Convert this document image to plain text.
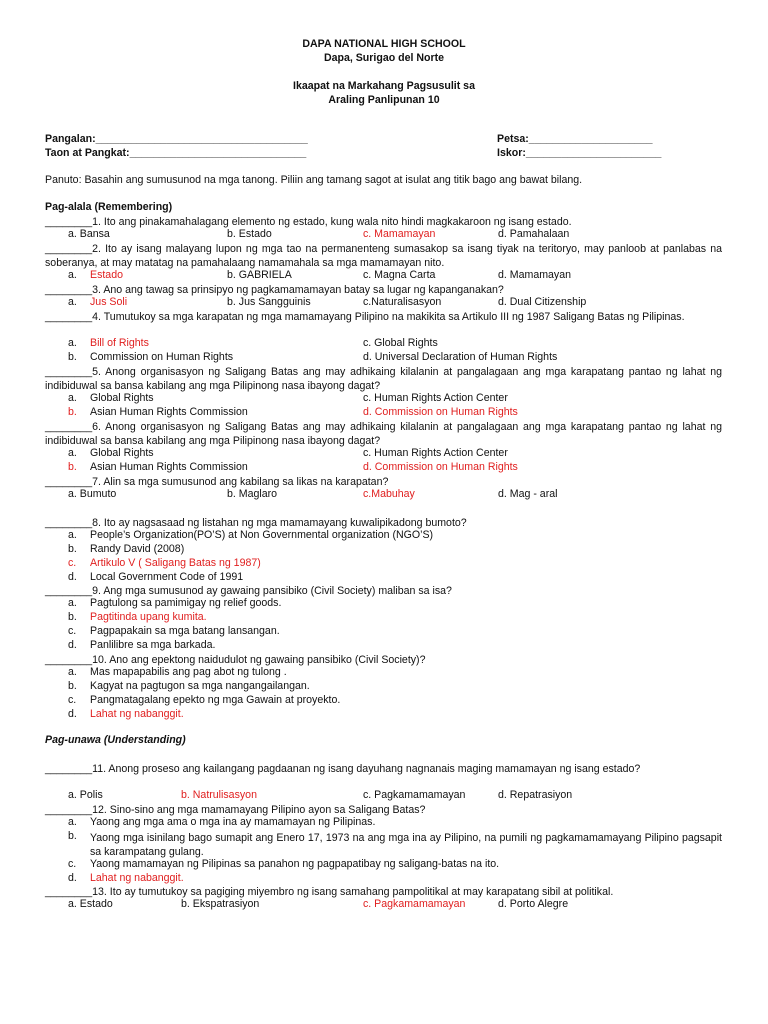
DAPA NATIONAL HIGH SCHOOL
Dapa, Surigao del Norte
Ikaapat na Markahang Pagsusulit sa
Araling Panlipunan 10
Pangalan:____________________________________
Taon at Pangkat:______________________________
Petsa:_____________________
Iskor:_______________________
Panuto: Basahin ang sumusunod na mga tanong. Piliin ang tamang sagot at isulat ang titik bago ang bawat bilang.
Pag-alala (Remembering)
________1. Ito ang pinakamahalagang elemento ng estado, kung wala nito hindi magkakaroon ng isang estado.
a. Bansa	b. Estado	c. Mamamayan	d. Pamahalaan
________2. Ito ay isang malayang lupon ng mga tao na permanenteng sumasakop sa isang tiyak na teritoryo, may panloob at panlabas na soberanya, at may matatag na pamahalaang namamahala sa mga mamamayan nito.
a. Estado	b. GABRIELA	c. Magna Carta	d. Mamamayan
________3. Ano ang tawag sa prinsipyo ng pagkamamamayan batay sa lugar ng kapanganakan?
a. Jus Soli	b. Jus Sangguinis	c.Naturalisasyon	d. Dual Citizenship
________4. Tumutukoy sa mga karapatan ng mga mamamayang Pilipino na makikita sa Artikulo III ng 1987 Saligang Batas ng Pilipinas.
a. Bill of Rights	c. Global Rights
b. Commission on Human Rights	d. Universal Declaration of Human Rights
________5. Anong organisasyon ng Saligang Batas ang may adhikaing kilalanin at pangalagaan ang mga karapatang pantao ng lahat ng indibiduwal sa bansa kabilang ang mga Pilipinong nasa ibayong dagat?
a. Global Rights	c. Human Rights Action Center
b. Asian Human Rights Commission	d. Commission on Human Rights
________6. Anong organisasyon ng Saligang Batas ang may adhikaing kilalanin at pangalagaan ang mga karapatang pantao ng lahat ng indibiduwal sa bansa kabilang ang mga Pilipinong nasa ibayong dagat?
a. Global Rights	c. Human Rights Action Center
b. Asian Human Rights Commission	d. Commission on Human Rights
________7. Alin sa mga sumusunod ang kabilang sa likas na karapatan?
a. Bumuto	b. Maglaro	c.Mabuhay	d. Mag - aral
________8. Ito ay nagsasaad ng listahan ng mga mamamayang kuwalipikadong bumoto?
a. People’s Organization(PO’S) at Non Governmental organization (NGO’S)
b. Randy David (2008)
c. Artikulo V ( Saligang Batas ng 1987)
d. Local Government Code of 1991
________9. Ang mga sumusunod ay gawaing pansibiko (Civil Society) maliban sa isa?
a. Pagtulong sa pamimigay ng relief goods.
b. Pagtitinda upang kumita.
c. Pagpapakain sa mga batang lansangan.
d. Panlilibre sa mga barkada.
________10. Ano ang epektong naidudulot ng gawaing pansibiko (Civil Society)?
a. Mas mapapabilis ang pag abot ng tulong .
b. Kagyat na pagtugon sa mga nangangailangan.
c. Pangmatagalang epekto ng mga Gawain at proyekto.
d. Lahat ng nabanggit.
Pag-unawa (Understanding)
________11. Anong proseso ang kailangang pagdaanan ng isang dayuhang nagnanais maging mamamayan ng isang estado?
a. Polis	b. Natrulisasyon	c. Pagkamamamayan	d. Repatrasiyon
________12. Sino-sino ang mga mamamayang Pilipino ayon sa Saligang Batas?
a. Yaong ang mga ama o mga ina ay mamamayan ng Pilipinas.
b. Yaong mga isinilang bago sumapit ang Enero 17, 1973 na ang mga ina ay Pilipino, na pumili ng pagkamamamayang Pilipino pagsapit sa karampatang gulang.
c. Yaong mamamayan ng Pilipinas sa panahon ng pagpapatibay ng saligang-batas na ito.
d. Lahat ng nabanggit.
________13. Ito ay tumutukoy sa pagiging miyembro ng isang samahang pampolitikal at may karapatang sibil at politikal.
a. Estado	b. Ekspatrasiyon	c. Pagkamamamayan	d. Porto Alegre
